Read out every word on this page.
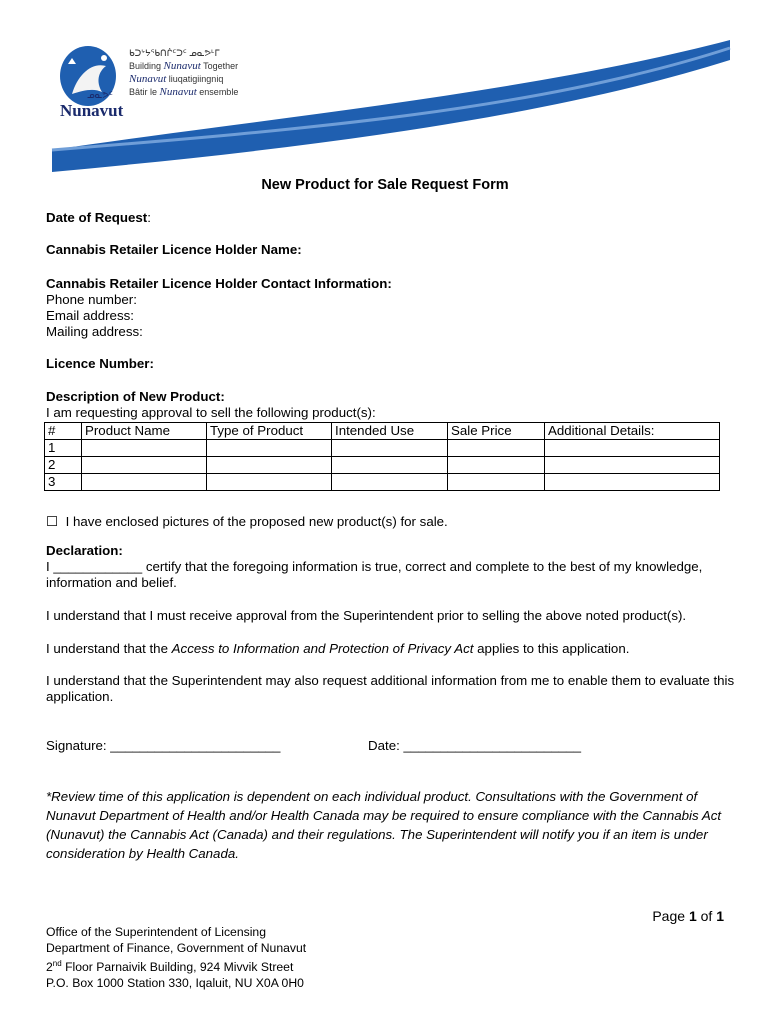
ᓄᓇᕗᑦ
Nunavut
ᑲᑐᔾᔭᖃᑎᒌᑦᑐᑦ ᓄᓇᕗᒻᒥ
Building Nunavut Together
Nunavut liuqatigiingniq
Bâtir le Nunavut ensemble
New Product for Sale Request Form
Date of Request:
Cannabis Retailer Licence Holder Name:
Cannabis Retailer Licence Holder Contact Information:
Phone number:
Email address:
Mailing address:
Licence Number:
Description of New Product:
I am requesting approval to sell the following product(s):
#	Product Name	Type of Product	Intended Use	Sale Price	Additional Details:
1					
2					
3					
☐ I have enclosed pictures of the proposed new product(s) for sale.
Declaration:
I ____________ certify that the foregoing information is true, correct and complete to the best of my knowledge, information and belief.
I understand that I must receive approval from the Superintendent prior to selling the above noted product(s).
I understand that the Access to Information and Protection of Privacy Act applies to this application.
I understand that the Superintendent may also request additional information from me to enable them to evaluate this application.
Signature: _______________________	Date: ________________________
*Review time of this application is dependent on each individual product. Consultations with the Government of Nunavut Department of Health and/or Health Canada may be required to ensure compliance with the Cannabis Act (Nunavut) the Cannabis Act (Canada) and their regulations. The Superintendent will notify you if an item is under consideration by Health Canada.
Page 1 of 1
Office of the Superintendent of Licensing
Department of Finance, Government of Nunavut
2nd Floor Parnaivik Building, 924 Mivvik Street
P.O. Box 1000 Station 330, Iqaluit, NU X0A 0H0
